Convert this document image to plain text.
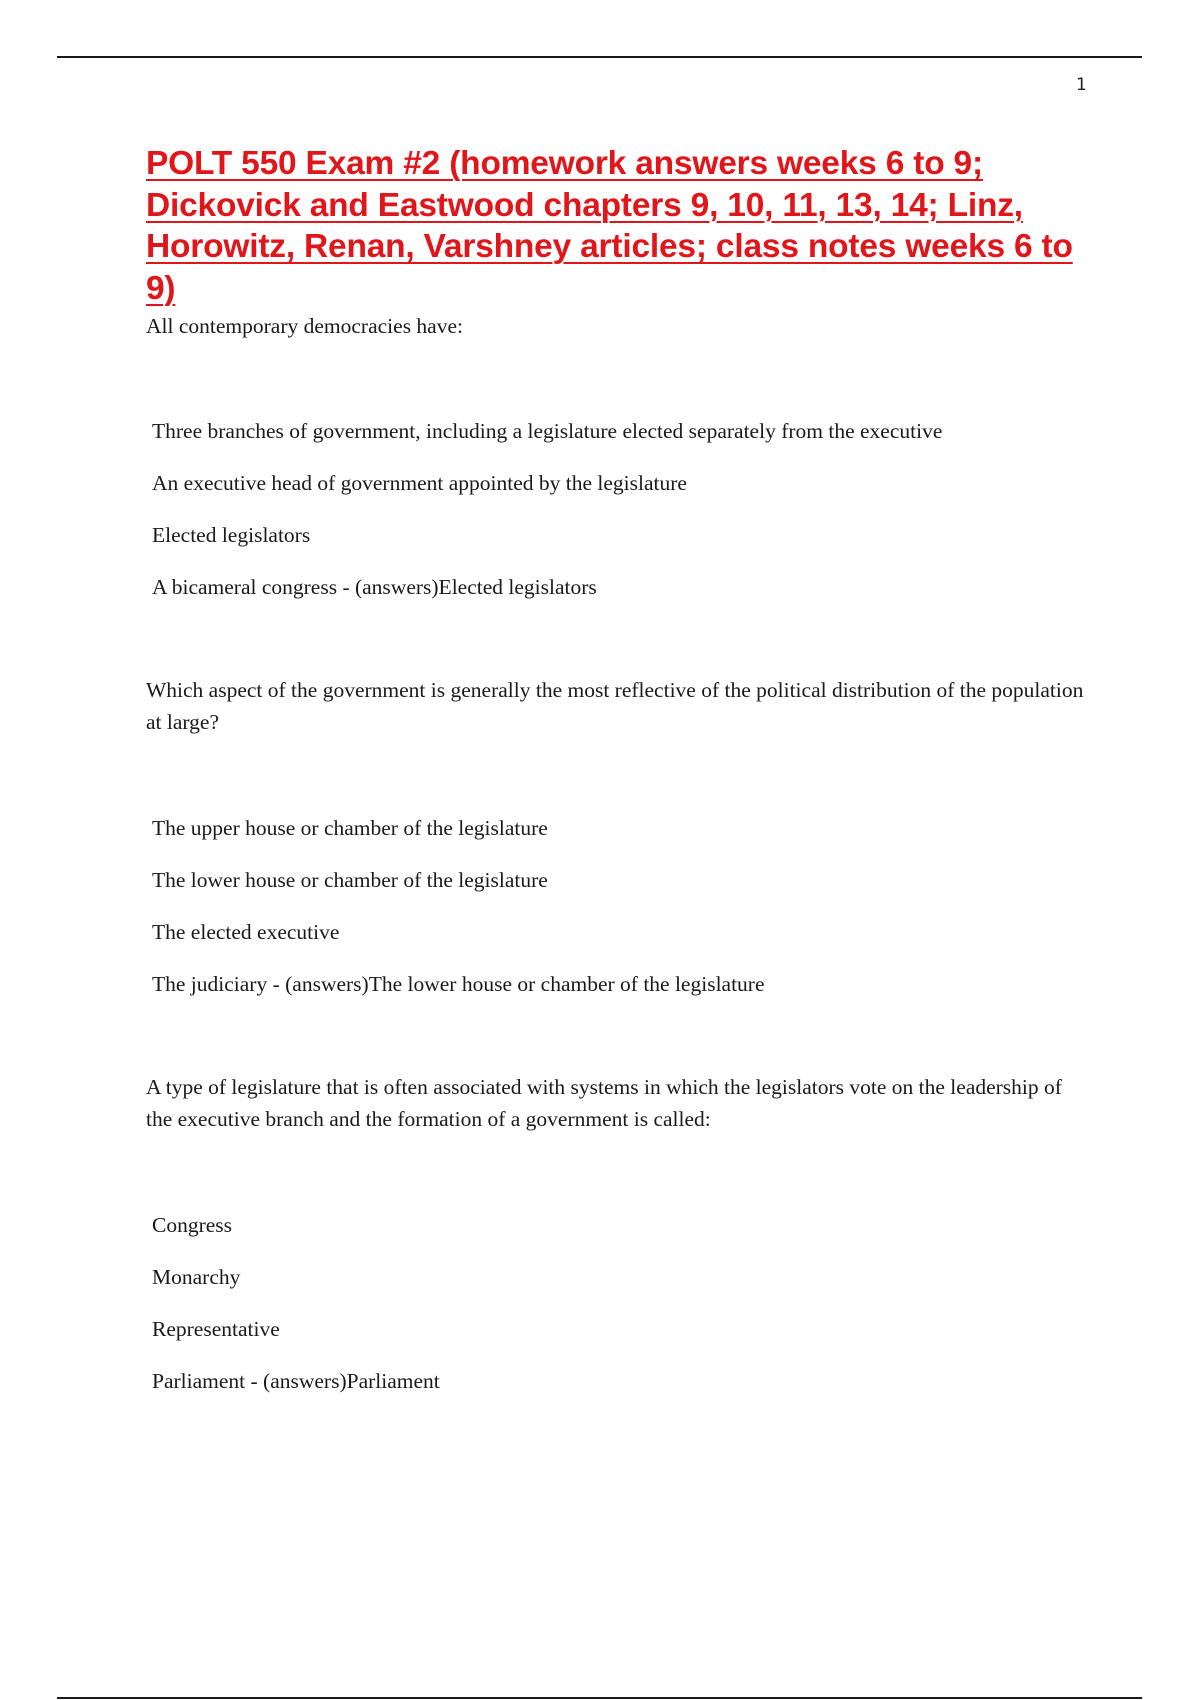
1
POLT 550 Exam #2 (homework answers weeks 6 to 9; Dickovick and Eastwood chapters 9, 10, 11, 13, 14; Linz, Horowitz, Renan, Varshney articles; class notes weeks 6 to 9)

All contemporary democracies have:

Three branches of government, including a legislature elected separately from the executive

An executive head of government appointed by the legislature

Elected legislators

A bicameral congress - (answers)Elected legislators

Which aspect of the government is generally the most reflective of the political distribution of the population at large?

The upper house or chamber of the legislature

The lower house or chamber of the legislature

The elected executive

The judiciary - (answers)The lower house or chamber of the legislature

A type of legislature that is often associated with systems in which the legislators vote on the leadership of the executive branch and the formation of a government is called:

Congress

Monarchy

Representative

Parliament - (answers)Parliament
